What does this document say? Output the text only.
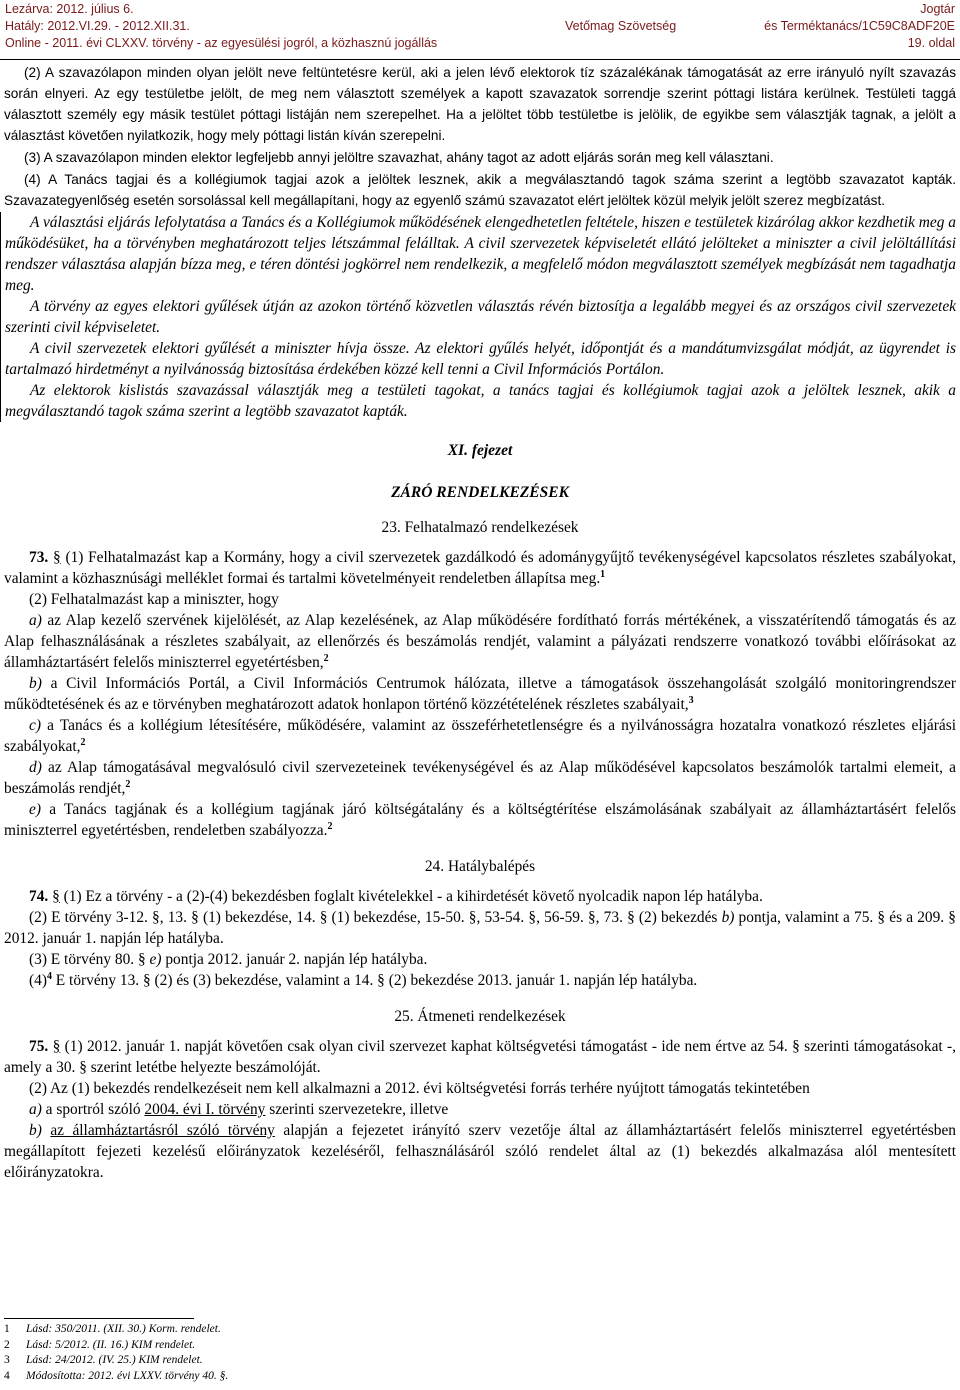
Lezárva: 2012. július 6.
Hatály: 2012.VI.29. - 2012.XII.31.
Online - 2011. évi CLXXV. törvény - az egyesülési jogról, a közhasznú jogállás
Vetőmag Szövetség
Jogtár
és Terméktanács/1C59C8ADF20E
19. oldal

(2) A szavazólapon minden olyan jelölt neve feltüntetésre kerül, aki a jelen lévő elektorok tíz százalékának támogatását az erre irányuló nyílt szavazás során elnyeri. Az egy testületbe jelölt, de meg nem választott személyek a kapott szavazatok sorrendje szerint póttagi listára kerülnek. Testületi taggá választott személy egy másik testület póttagi listáján nem szerepelhet. Ha a jelöltet több testületbe is jelölik, de egyikbe sem választják tagnak, a jelölt a választást követően nyilatkozik, hogy mely póttagi listán kíván szerepelni.

(3) A szavazólapon minden elektor legfeljebb annyi jelöltre szavazhat, ahány tagot az adott eljárás során meg kell választani.

(4) A Tanács tagjai és a kollégiumok tagjai azok a jelöltek lesznek, akik a megválasztandó tagok száma szerint a legtöbb szavazatot kapták. Szavazategyenlőség esetén sorsolással kell megállapítani, hogy az egyenlő számú szavazatot elért jelöltek közül melyik jelölt szerez megbízatást.

A választási eljárás lefolytatása a Tanács és a Kollégiumok működésének elengedhetetlen feltétele, hiszen e testületek kizárólag akkor kezdhetik meg a működésüket, ha a törvényben meghatározott teljes létszámmal felálltak. A civil szervezetek képviseletét ellátó jelölteket a miniszter a civil jelöltállítási rendszer választása alapján bízza meg, e téren döntési jogkörrel nem rendelkezik, a megfelelő módon megválasztott személyek megbízását nem tagadhatja meg.

A törvény az egyes elektori gyűlések útján az azokon történő közvetlen választás révén biztosítja a legalább megyei és az országos civil szervezetek szerinti civil képviseletet.

A civil szervezetek elektori gyűlését a miniszter hívja össze. Az elektori gyűlés helyét, időpontját és a mandátumvizsgálat módját, az ügyrendet is tartalmazó hirdetményt a nyilvánosság biztosítása érdekében közzé kell tenni a Civil Információs Portálon.

Az elektorok kislistás szavazással választják meg a testületi tagokat, a tanács tagjai és kollégiumok tagjai azok a jelöltek lesznek, akik a megválasztandó tagok száma szerint a legtöbb szavazatot kapták.

XI. fejezet

ZÁRÓ RENDELKEZÉSEK

23. Felhatalmazó rendelkezések

73. § (1) Felhatalmazást kap a Kormány, hogy a civil szervezetek gazdálkodó és adománygyűjtő tevékenységével kapcsolatos részletes szabályokat, valamint a közhasznúsági melléklet formai és tartalmi követelményeit rendeletben állapítsa meg.$^1$

(2) Felhatalmazást kap a miniszter, hogy

a) az Alap kezelő szervének kijelölését, az Alap kezelésének, az Alap működésére fordítható forrás mértékének, a visszatérítendő támogatás és az Alap felhasználásának a részletes szabályait, az ellenőrzés és beszámolás rendjét, valamint a pályázati rendszerre vonatkozó további előírásokat az államháztartásért felelős miniszterrel egyetértésben,$^2$

b) a Civil Információs Portál, a Civil Információs Centrumok hálózata, illetve a támogatások összehangolását szolgáló monitoringrendszer működtetésének és az e törvényben meghatározott adatok honlapon történő közzétételének részletes szabályait,$^3$

c) a Tanács és a kollégium létesítésére, működésére, valamint az összeférhetetlenségre és a nyilvánosságra hozatalra vonatkozó részletes eljárási szabályokat,$^2$

d) az Alap támogatásával megvalósuló civil szervezeteinek tevékenységével és az Alap működésével kapcsolatos beszámolók tartalmi elemeit, a beszámolás rendjét,$^2$

e) a Tanács tagjának és a kollégium tagjának járó költségátalány és a költségtérítése elszámolásának szabályait az államháztartásért felelős miniszterrel egyetértésben, rendeletben szabályozza.$^2$

24. Hatálybalépés

74. § (1) Ez a törvény - a (2)-(4) bekezdésben foglalt kivételekkel - a kihirdetését követő nyolcadik napon lép hatályba.

(2) E törvény 3-12. §, 13. § (1) bekezdése, 14. § (1) bekezdése, 15-50. §, 53-54. §, 56-59. §, 73. § (2) bekezdés b) pontja, valamint a 75. § és a 209. § 2012. január 1. napján lép hatályba.

(3) E törvény 80. § e) pontja 2012. január 2. napján lép hatályba.

$(4)^4$ E törvény 13. § (2) és (3) bekezdése, valamint a 14. § (2) bekezdése 2013. január 1. napján lép hatályba.

25. Átmeneti rendelkezések

75. § (1) 2012. január 1. napját követően csak olyan civil szervezet kaphat költségvetési támogatást - ide nem értve az 54. § szerinti támogatásokat -, amely a 30. § szerint letétbe helyezte beszámolóját.

(2) Az (1) bekezdés rendelkezéseit nem kell alkalmazni a 2012. évi költségvetési forrás terhére nyújtott támogatás tekintetében

a) a sportról szóló 2004. évi I. törvény szerinti szervezetekre, illetve

b) az államháztartásról szóló törvény alapján a fejezetet irányító szerv vezetője által az államháztartásért felelős miniszterrel egyetértésben megállapított fejezeti kezelésű előirányzatok kezeléséről, felhasználásáról szóló rendelet által az (1) bekezdés alkalmazása alól mentesített előirányzatokra.

1 Lásd: 350/2011. (XII. 30.) Korm. rendelet.
2 Lásd: 5/2012. (II. 16.) KIM rendelet.
3 Lásd: 24/2012. (IV. 25.) KIM rendelet.
4 Módosította: 2012. évi LXXV. törvény 40. §.
